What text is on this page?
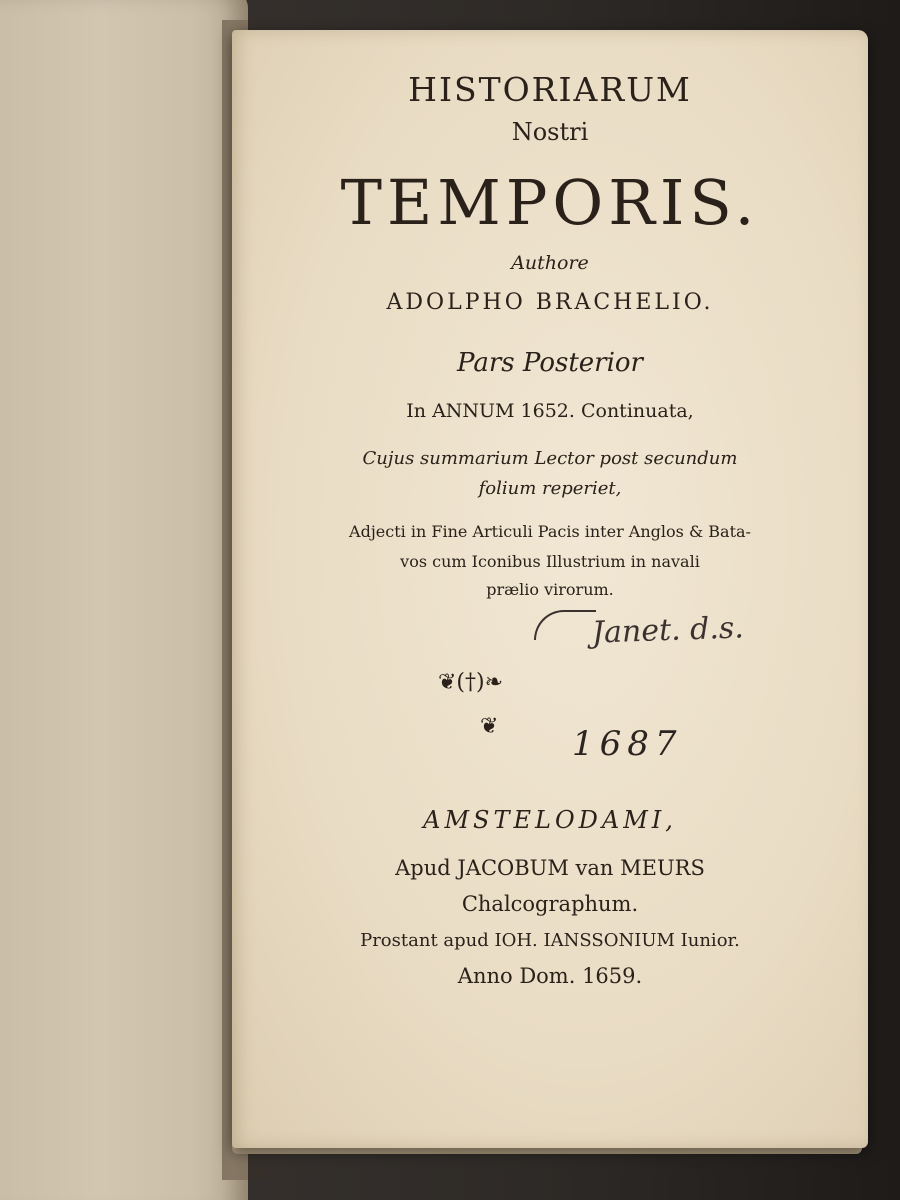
HISTORIARUM
Nostri
TEMPORIS.
Authore
ADOLPHO BRACHELIO.
Pars Posterior
In ANNUM 1652. Continuata,
Cujus summarium Lector post secundum
folium reperiet,
Adjecti in Fine Articuli Pacis inter Anglos & Bata-
vos cum Iconibus Illustrium in navali
prælio virorum.
Janet. d.s.
❦(†)❧
❦ 1687
AMSTELODAMI,
Apud JACOBUM van MEURS
Chalcographum.
Prostant apud IOH. IANSSONIUM Iunior.
Anno Dom. 1659.
